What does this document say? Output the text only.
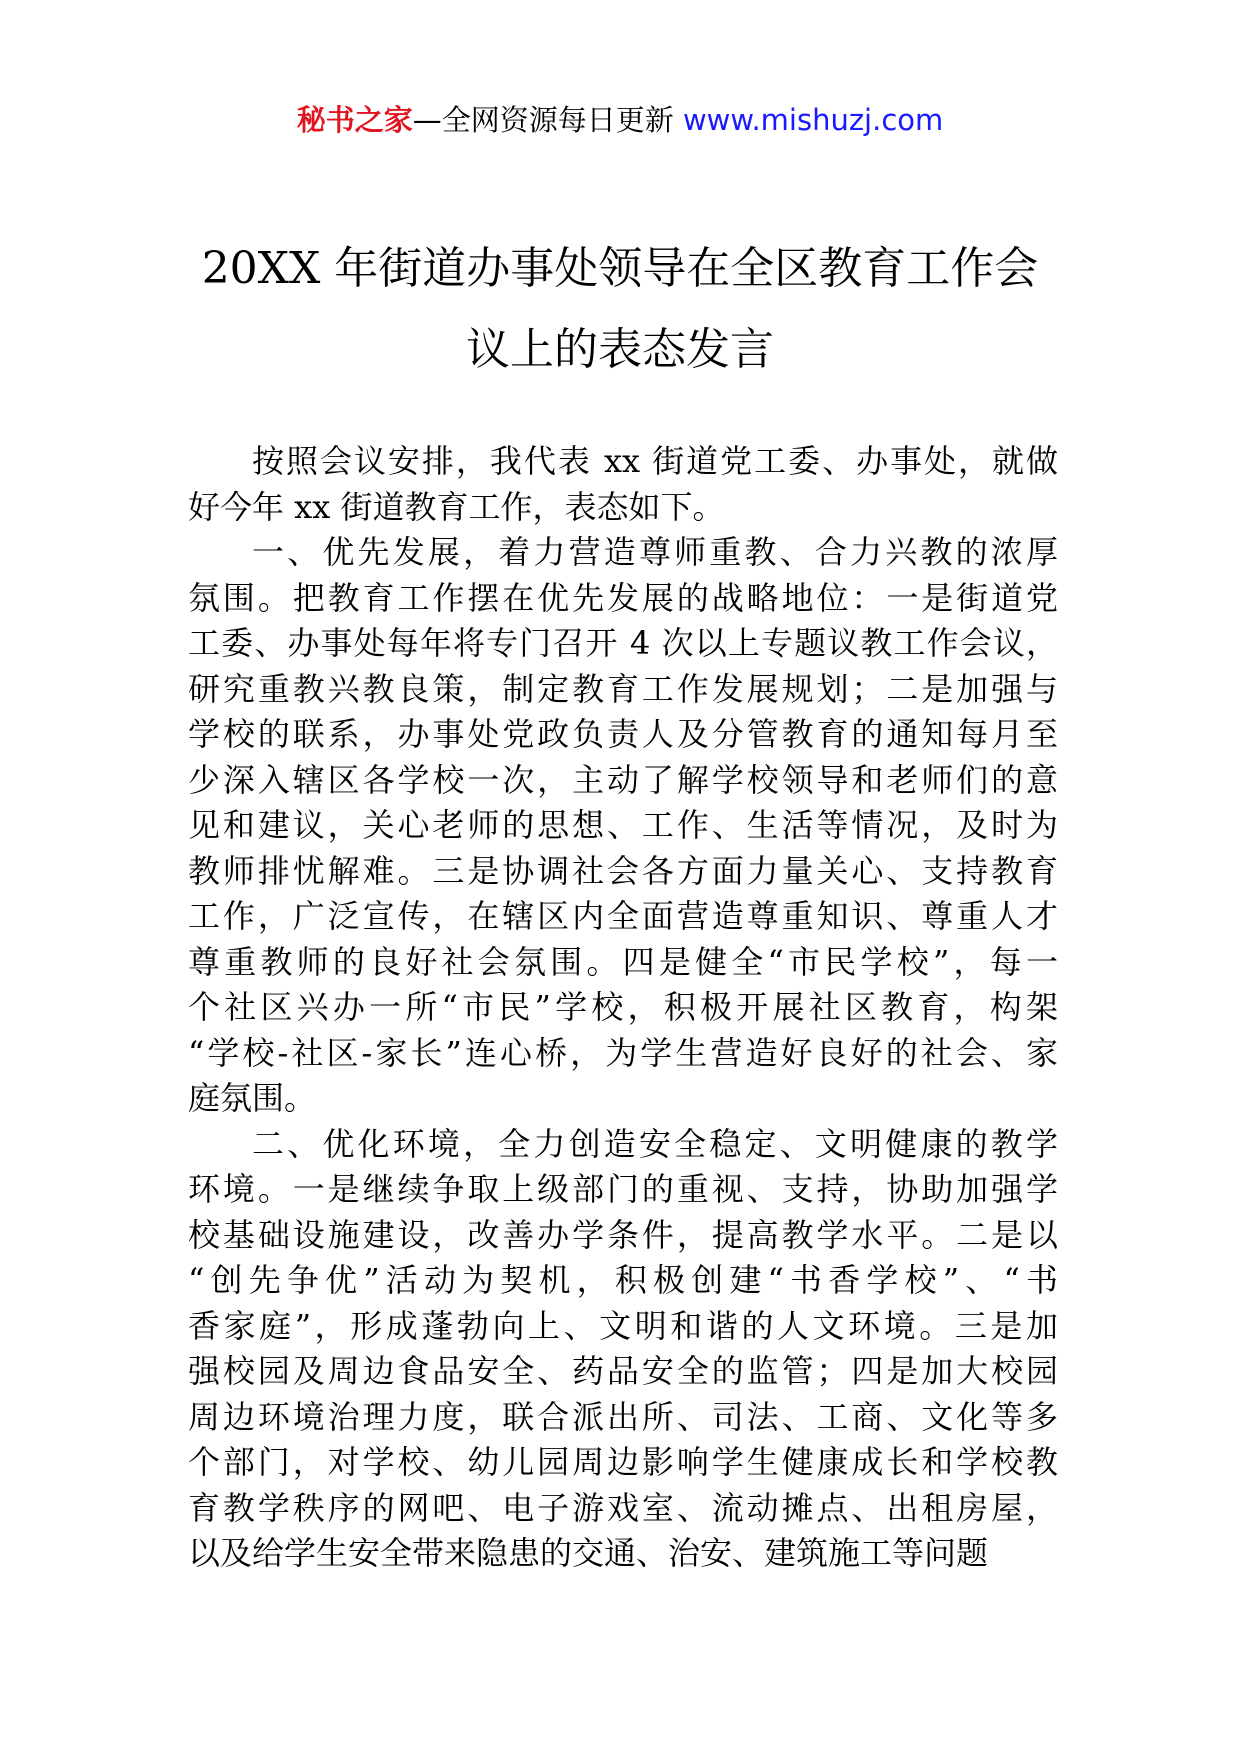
秘书之家—全网资源每日更新 www.mishuzj.com
20XX 年街道办事处领导在全区教育工作会
议上的表态发言

按照会议安排，我代表 xx 街道党工委、办事处，就做
好今年 xx 街道教育工作，表态如下。

一、优先发展，着力营造尊师重教、合力兴教的浓厚
氛围。把教育工作摆在优先发展的战略地位：一是街道党
工委、办事处每年将专门召开 4 次以上专题议教工作会议，
研究重教兴教良策，制定教育工作发展规划；二是加强与
学校的联系，办事处党政负责人及分管教育的通知每月至
少深入辖区各学校一次，主动了解学校领导和老师们的意
见和建议，关心老师的思想、工作、生活等情况，及时为
教师排忧解难。三是协调社会各方面力量关心、支持教育
工作，广泛宣传，在辖区内全面营造尊重知识、尊重人才
尊重教师的良好社会氛围。四是健全“市民学校”，每一
个社区兴办一所“市民”学校，积极开展社区教育，构架
“学校-社区-家长”连心桥，为学生营造好良好的社会、家
庭氛围。

二、优化环境，全力创造安全稳定、文明健康的教学
环境。一是继续争取上级部门的重视、支持，协助加强学
校基础设施建设，改善办学条件，提高教学水平。二是以
“创先争优”活动为契机，积极创建“书香学校”、“书
香家庭”，形成蓬勃向上、文明和谐的人文环境。三是加
强校园及周边食品安全、药品安全的监管；四是加大校园
周边环境治理力度，联合派出所、司法、工商、文化等多
个部门，对学校、幼儿园周边影响学生健康成长和学校教
育教学秩序的网吧、电子游戏室、流动摊点、出租房屋，
以及给学生安全带来隐患的交通、治安、建筑施工等问题
